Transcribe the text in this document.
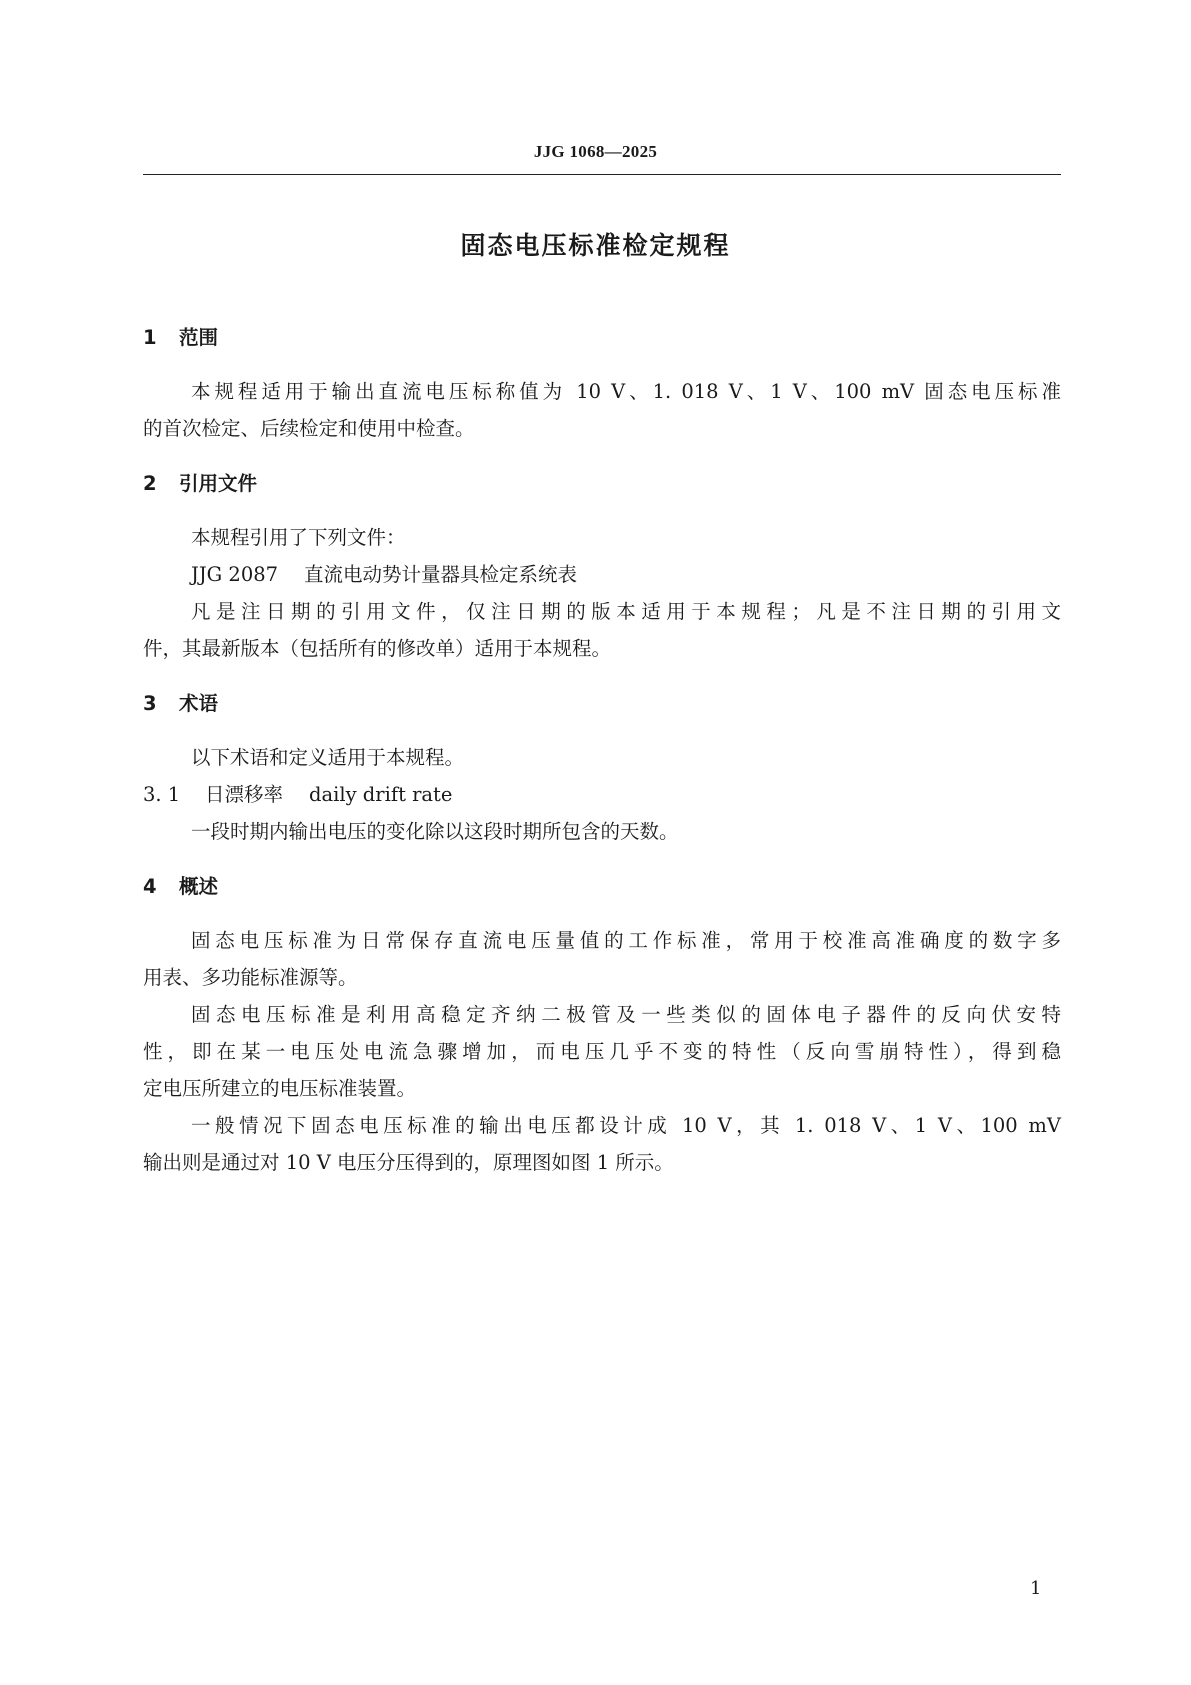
JJG 1068—2025
固态电压标准检定规程
1 范围
本规程适用于输出直流电压标称值为 10 V、1. 018 V、1 V、100 mV 固态电压标准
的首次检定、后续检定和使用中检查。
2 引用文件
本规程引用了下列文件：
JJG 2087 直流电动势计量器具检定系统表
凡是注日期的引用文件，仅注日期的版本适用于本规程；凡是不注日期的引用文
件，其最新版本（包括所有的修改单）适用于本规程。
3 术语
以下术语和定义适用于本规程。
3. 1 日漂移率 daily drift rate
一段时期内输出电压的变化除以这段时期所包含的天数。
4 概述
固态电压标准为日常保存直流电压量值的工作标准，常用于校准高准确度的数字多
用表、多功能标准源等。
固态电压标准是利用高稳定齐纳二极管及一些类似的固体电子器件的反向伏安特
性，即在某一电压处电流急骤增加，而电压几乎不变的特性（反向雪崩特性），得到稳
定电压所建立的电压标准装置。
一般情况下固态电压标准的输出电压都设计成 10 V，其 1. 018 V、1 V、100 mV
输出则是通过对 10 V 电压分压得到的，原理图如图 1 所示。
1
